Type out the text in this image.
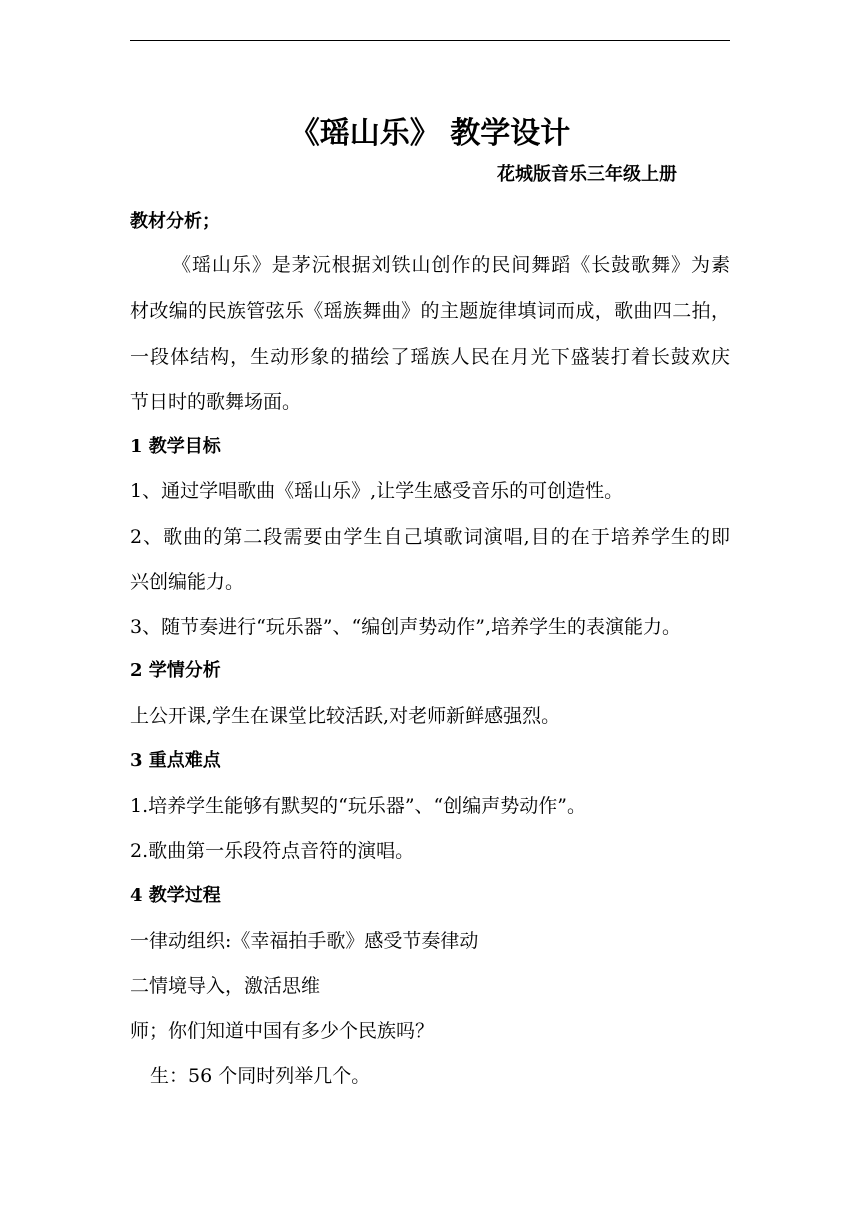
《瑶山乐》 教学设计
花城版音乐三年级上册
教材分析；
《瑶山乐》是茅沅根据刘铁山创作的民间舞蹈《长鼓歌舞》为素
材改编的民族管弦乐《瑶族舞曲》的主题旋律填词而成，歌曲四二拍，
一段体结构，生动形象的描绘了瑶族人民在月光下盛装打着长鼓欢庆
节日时的歌舞场面。
1 教学目标
1、通过学唱歌曲《瑶山乐》,让学生感受音乐的可创造性。
2、歌曲的第二段需要由学生自己填歌词演唱,目的在于培养学生的即
兴创编能力。
3、随节奏进行“玩乐器”、“编创声势动作”,培养学生的表演能力。
2 学情分析
上公开课,学生在课堂比较活跃,对老师新鲜感强烈。
3 重点难点
1.培养学生能够有默契的“玩乐器”、“创编声势动作”。
2.歌曲第一乐段符点音符的演唱。
4 教学过程
一律动组织:《幸福拍手歌》感受节奏律动
二情境导入，激活思维
师；你们知道中国有多少个民族吗？
生：56 个同时列举几个。
